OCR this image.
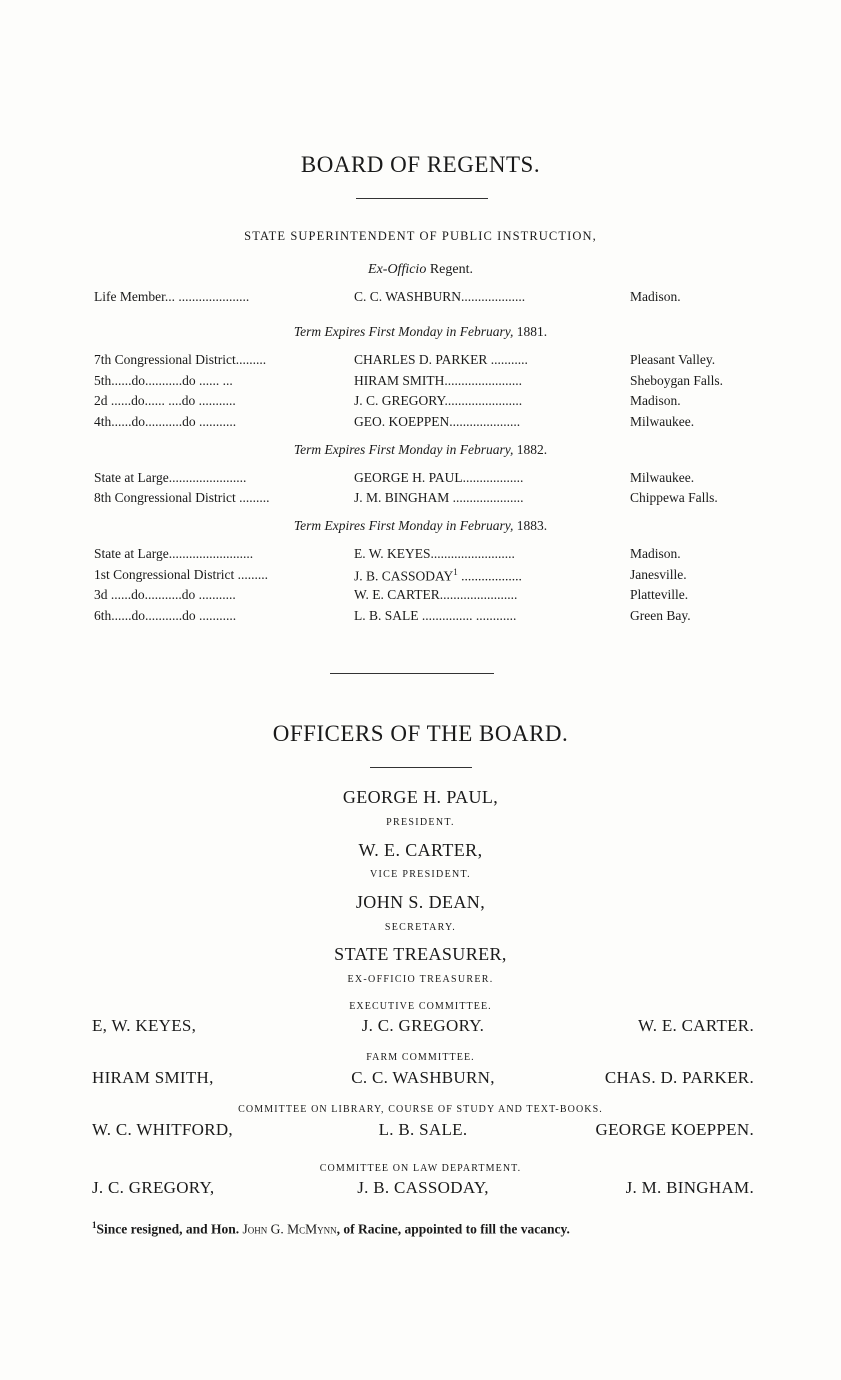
BOARD OF REGENTS.
STATE SUPERINTENDENT OF PUBLIC INSTRUCTION,
Ex-Officio Regent.
Life Member... .....................	C. C. WASHBURN...................	Madison.
Term Expires First Monday in February, 1881.
7th Congressional District.........	CHARLES D. PARKER ...........	Pleasant Valley.
5th......do...........do ...... ...	HIRAM SMITH.......................	Sheboygan Falls.
2d ......do...... ....do ...........	J. C. GREGORY.......................	Madison.
4th......do...........do ...........	GEO. KOEPPEN.....................	Milwaukee.
Term Expires First Monday in February, 1882.
State at Large.......................	GEORGE H. PAUL..................	Milwaukee.
8th Congressional District .........	J. M. BINGHAM .....................	Chippewa Falls.
Term Expires First Monday in February, 1883.
State at Large.........................	E. W. KEYES.........................	Madison.
1st Congressional District .........	J. B. CASSODAY$^1$ ..................	Janesville.
3d ......do...........do ...........	W. E. CARTER.......................	Platteville.
6th......do...........do ...........	L. B. SALE ............... ............	Green Bay.
OFFICERS OF THE BOARD.
GEORGE H. PAUL,
PRESIDENT.
W. E. CARTER,
VICE PRESIDENT.
JOHN S. DEAN,
SECRETARY.
STATE TREASURER,
EX-OFFICIO TREASURER.
EXECUTIVE COMMITTEE.
E, W. KEYES,	J. C. GREGORY.	W. E. CARTER.
FARM COMMITTEE.
HIRAM SMITH,	C. C. WASHBURN,	CHAS. D. PARKER.
COMMITTEE ON LIBRARY, COURSE OF STUDY AND TEXT-BOOKS.
W. C. WHITFORD,	L. B. SALE.	GEORGE KOEPPEN.
COMMITTEE ON LAW DEPARTMENT.
J. C. GREGORY,	J. B. CASSODAY,	J. M. BINGHAM.
$^1$Since resigned, and Hon. John G. McMynn, of Racine, appointed to fill the vacancy.
